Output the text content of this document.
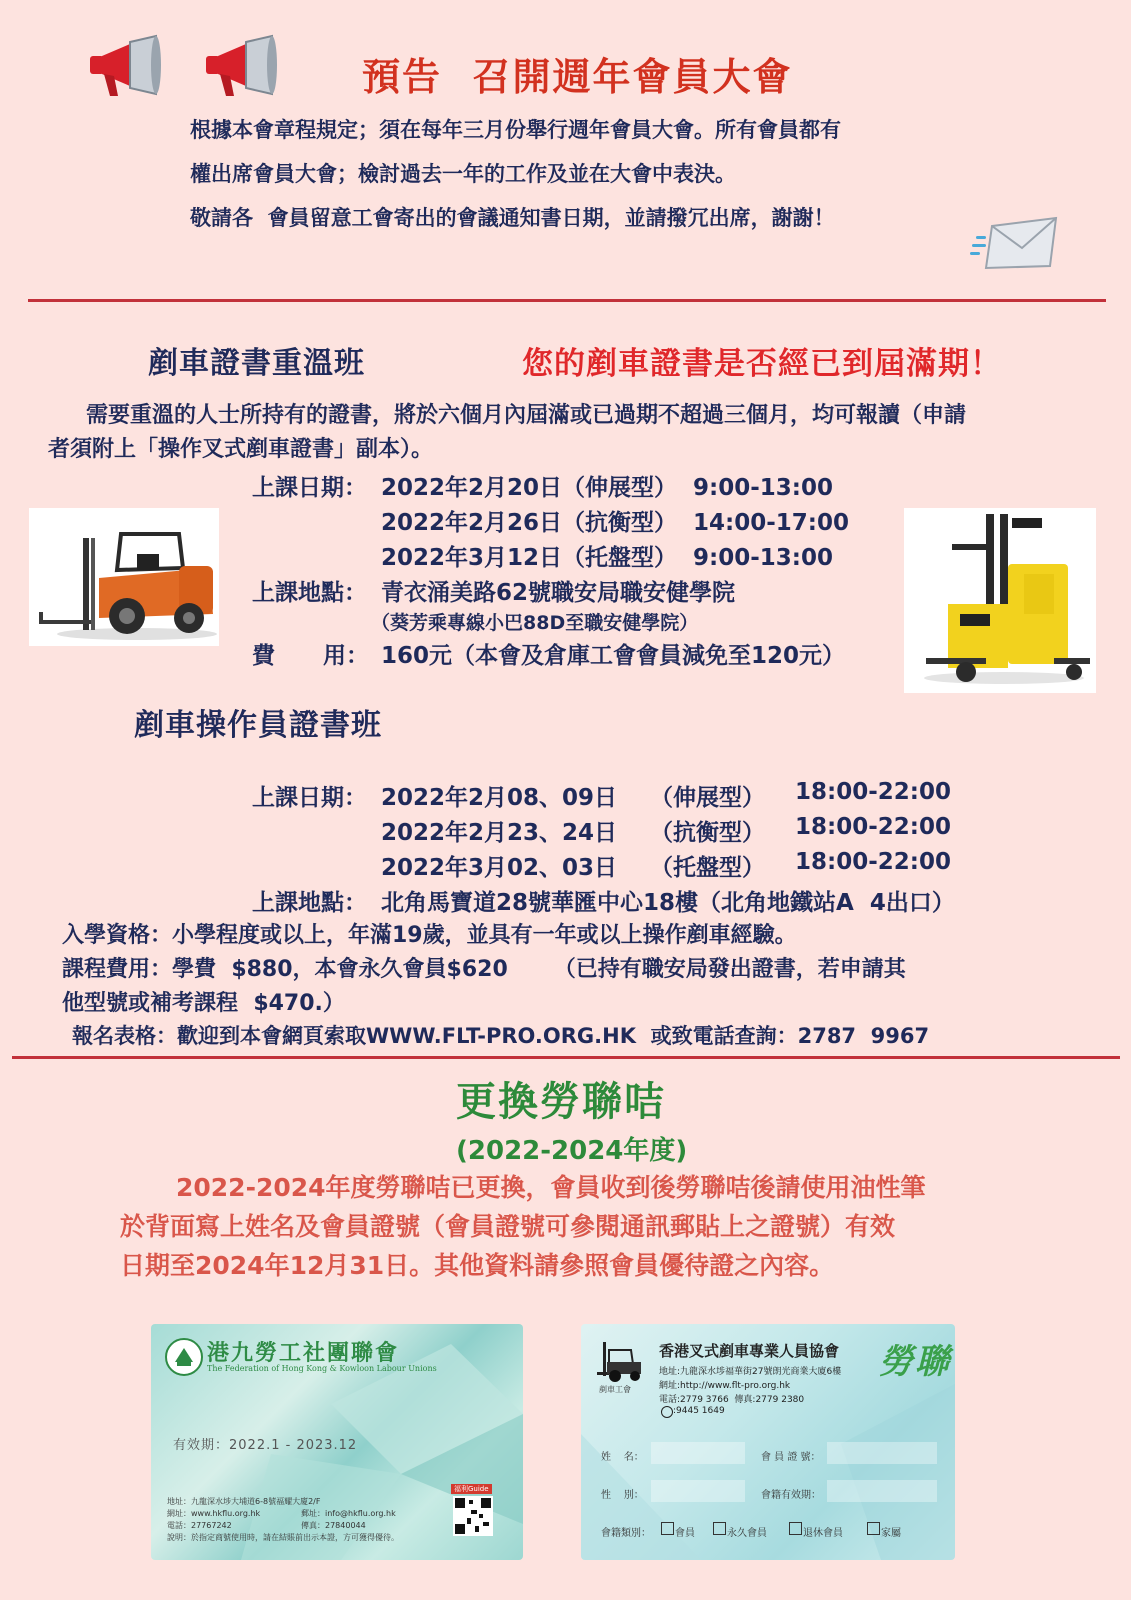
預告  召開週年會員大會
根據本會章程規定；須在每年三月份舉行週年會員大會。所有會員都有
權出席會員大會；檢討過去一年的工作及並在大會中表決。
敬請各  會員留意工會寄出的會議通知書日期，並請撥冗出席，謝謝！
剷車證書重溫班	您的剷車證書是否經已到屆滿期！
需要重溫的人士所持有的證書，將於六個月內屆滿或已過期不超過三個月，均可報讀（申請
者須附上「操作叉式剷車證書」副本）。
上課日期： 2022年2月20日（伸展型）  9:00-13:00
2022年2月26日（抗衡型）  14:00-17:00
2022年3月12日（托盤型）  9:00-13:00
上課地點： 青衣涌美路62號職安局職安健學院
（葵芳乘專線小巴88D至職安健學院）
費      用： 160元（本會及倉庫工會會員減免至120元）
剷車操作員證書班
上課日期： 2022年2月08、09日 （伸展型） 18:00-22:00
2022年2月23、24日 （抗衡型） 18:00-22:00
2022年3月02、03日 （托盤型） 18:00-22:00
上課地點： 北角馬寶道28號華匯中心18樓（北角地鐵站A  4出口）
入學資格：小學程度或以上，年滿19歲，並具有一年或以上操作剷車經驗。
課程費用：學費  $880，本會永久會員$620      （已持有職安局發出證書，若申請其
他型號或補考課程  $470.）
報名表格：歡迎到本會網頁索取WWW.FLT-PRO.ORG.HK  或致電話查詢：2787  9967
更換勞聯咭
(2022-2024年度)
2022-2024年度勞聯咭已更換，會員收到後勞聯咭後請使用油性筆
於背面寫上姓名及會員證號（會員證號可參閱通訊郵貼上之證號）有效
日期至2024年12月31日。其他資料請參照會員優待證之內容。
港九勞工社團聯會
The Federation of Hong Kong & Kowloon Labour Unions
有效期：2022.1 - 2023.12
地址：九龍深水埗大埔道6-8號福耀大廈2/F
網址：www.hkflu.org.hk	郵址：info@hkflu.org.hk
電話：27767242	傳真：27840044
說明：於指定商號使用時，請在結賬前出示本證，方可獲得優待。
福利Guide
剷車工會
香港叉式剷車專業人員協會 勞聯
地址:九龍深水埗福華街27號朗光商業大廈6樓
網址:http://www.flt-pro.org.hk
電話:2779 3766  傳真:2779 2380
:9445 1649
姓    名：	會 員 證 號：
性    別：	會籍有效期：
會籍類別： 會員	永久會員	退休會員	家屬
